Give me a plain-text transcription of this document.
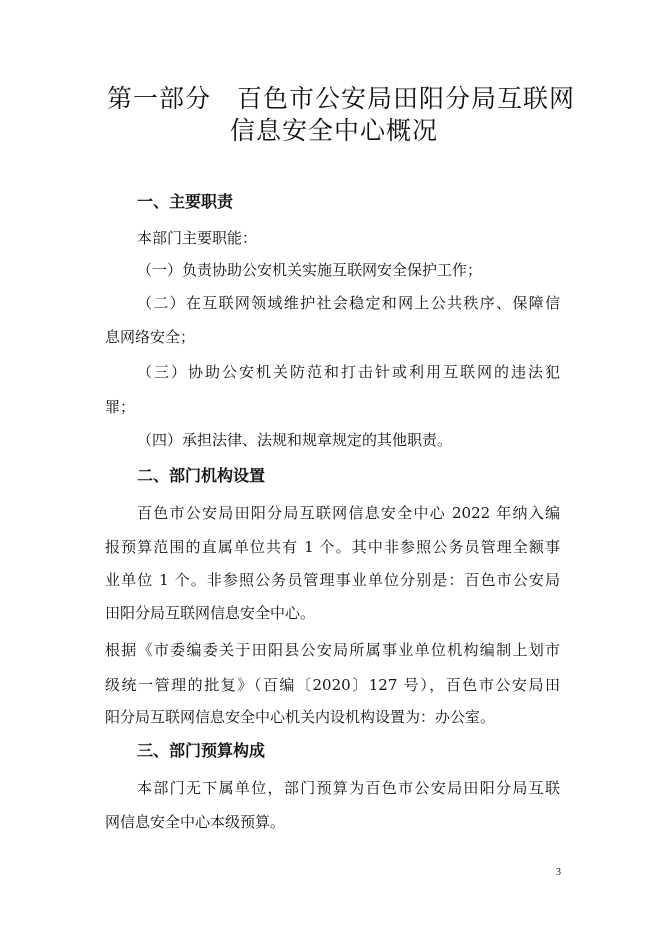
第一部分　百色市公安局田阳分局互联网
信息安全中心概况
一、主要职责
本部门主要职能：
（一）负责协助公安机关实施互联网安全保护工作；
（二）在互联网领域维护社会稳定和网上公共秩序、保障信
息网络安全；
（三）协助公安机关防范和打击针或利用互联网的违法犯
罪；
（四）承担法律、法规和规章规定的其他职责。
二、部门机构设置
百色市公安局田阳分局互联网信息安全中心 2022 年纳入编
报预算范围的直属单位共有 1 个。其中非参照公务员管理全额事
业单位 1 个。非参照公务员管理事业单位分别是：百色市公安局
田阳分局互联网信息安全中心。
根据《市委编委关于田阳县公安局所属事业单位机构编制上划市
级统一管理的批复》（百编〔2020〕127 号），百色市公安局田
阳分局互联网信息安全中心机关内设机构设置为：办公室。
三、部门预算构成
本部门无下属单位，部门预算为百色市公安局田阳分局互联
网信息安全中心本级预算。
3
